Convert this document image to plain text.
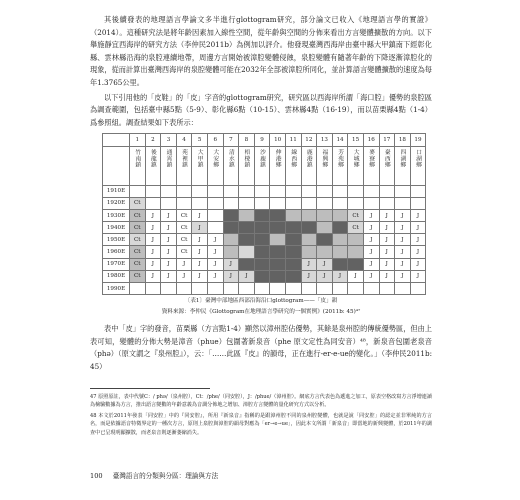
其後續發表的地理語言學論文多半進行glottogram研究，部分論文已收入《地理語言學的實證》（2014）。這種研究法是將年齡因素加入線性空間，從年齡與空間的分佈來看出方言變體擴散的方向。以下舉施靜宜西海岸的研究方法（李仲民2011b）為例加以評介。他發現臺灣西海岸由臺中縣大甲鎮南下經彰化縣、雲林縣沿海的泉腔連續地帶，周邊方言開始被漳腔變體侵蝕，泉腔變體有隨著年齡的下降逐漸漳腔化的現象，從而計算出臺灣西海岸的泉腔變體可能在2032年全部被漳腔所同化，並計算語言變體擴散的速度為每年1.3765公里。

以下引用他的「皮鞋」的「皮」字音的glottogram研究，研究區以西海岸所謂「海口腔」優勢的泉腔區為調查範圍，包括臺中縣5點（5-9）、彰化縣6點（10-15）、雲林縣4點（16-19），而以苗栗縣4點（1-4）爲參照組。調查結果如下表所示：

	1	2	3	4	5	6	7	8	9	10	11	12	13	14	15	16	17	18	19
	竹南鎮	後龍鎮	通霄鎮	苑裡鎮	大甲鎮	大安鄉	清水鎮	梧棲鎮	沙鹿鎮	伸港鄉	線西鄉	鹿港鎮	福興鄉	芳苑鄉	大城鄉	麥寮鄉	臺西鄉	四湖鄉	口湖鄉
1910E																			
1920E	Ct																		
1930E	Ct	J	J	Ct	J										Ct	J	J	J	J
1940E	Ct	J	J	Ct	J										Ct	J	J	J	J
1950E	Ct	J	J	Ct	J	J										J	J	J	J
1960E	Ct	J	J	Ct	J	J										J	J	J	J
1970E	Ct	J	J	J	J	J	J					J	J			J	J	J	J
1980E	Ct	J	J	J	J	J	J	J				J	J	J	J	J	J	J	J
1990E																			

〔表1〕臺灣中部地區西部沿海沿口glottogram——「皮」韻

資料來源：李仲民《Glottogram在地理語言學研究的一個實例》(2011b: 45)⁴⁷

表中「皮」字的發音，苗栗縣（方言點1-4）顯然以漳州腔佔優勢，其餘是泉州腔的傳統優勢區，但由上表可知，變體的分佈大勢是漳音（phue）包圍著新泉音（phe 原文定性為同安音）⁴⁸，新泉音包圍老泉音（phə）（原文謂之『泉州腔』），云：「……此區『皮』的韻母，正在進行-er-e-ue的變化。」（李仲民2011b: 45）

47 原照原註，表中代號C：/ phə/（泉州腔），Ct：/phe/（同安腔），J：/phue/（漳州腔）。網底方言代表色為遞進之加工，原表空格改寫方言淨增連讀為檢驗數據為方言，推出語言變數的年齡意義為音調分佈地之增加、漳腔方言變體的量化研究方式以分析。

48 本文於2011年發表「同安腔」中的『同安腔』，所用『新泉音』指稱的是跟漳州腔不同的泉州腔變體，也就是說「同安腔」的認定並非單純的方言名，而是依據語音特徵界定的一種次方言，原則上泉腔與漳腔的韻母對應為「er→e→ue」，因此本文所謂「新泉音」即當地的新興變體，於2011年的調查中已呈現明顯擴散，而老泉音則逐漸萎縮消失。

100 臺灣語言的分類與分區：理論與方法
